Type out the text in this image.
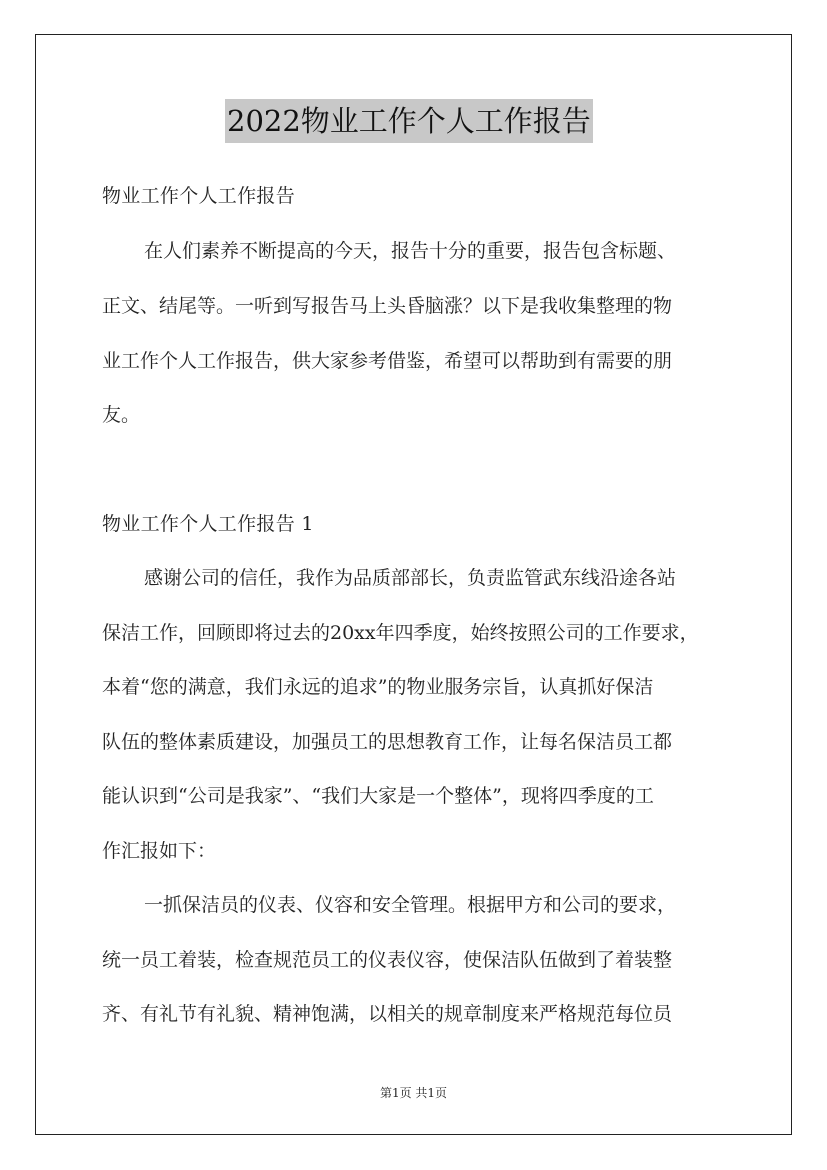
2022物业工作个人工作报告
物业工作个人工作报告
在人们素养不断提高的今天，报告十分的重要，报告包含标题、
正文、结尾等。一听到写报告马上头昏脑涨？以下是我收集整理的物
业工作个人工作报告，供大家参考借鉴，希望可以帮助到有需要的朋
友。
物业工作个人工作报告 1
感谢公司的信任，我作为品质部部长，负责监管武东线沿途各站
保洁工作，回顾即将过去的20xx年四季度，始终按照公司的工作要求，
本着“您的满意，我们永远的追求”的物业服务宗旨，认真抓好保洁
队伍的整体素质建设，加强员工的思想教育工作，让每名保洁员工都
能认识到“公司是我家”、“我们大家是一个整体”，现将四季度的工
作汇报如下：
一抓保洁员的仪表、仪容和安全管理。根据甲方和公司的要求，
统一员工着装，检查规范员工的仪表仪容，使保洁队伍做到了着装整
齐、有礼节有礼貌、精神饱满，以相关的规章制度来严格规范每位员
第1页 共1页
